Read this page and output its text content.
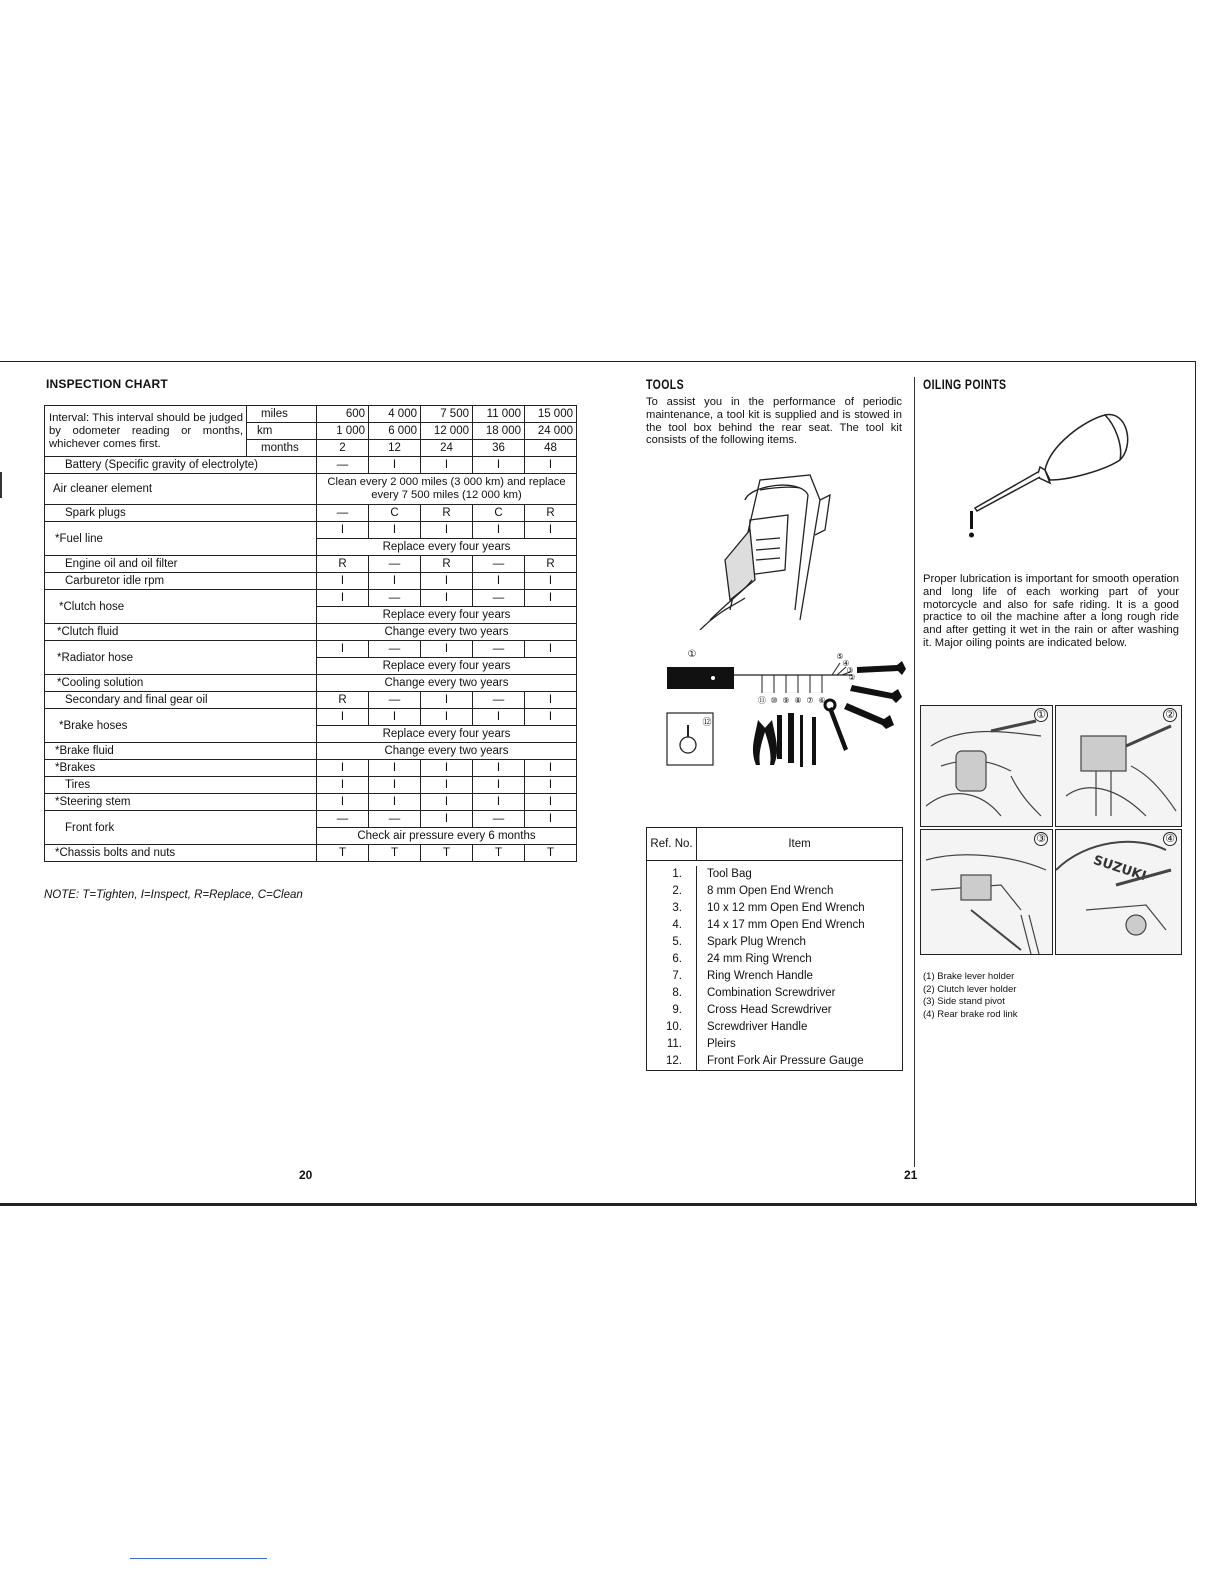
INSPECTION CHART
Interval: This interval should be judged by odometer reading or months, whichever comes first.	miles	600	4 000	7 500	11 000	15 000
	km	1 000	6 000	12 000	18 000	24 000
	months	2	12	24	36	48
Battery (Specific gravity of electrolyte)		—	I	I	I	I
Air cleaner element		Clean every 2 000 miles (3 000 km) and replace every 7 500 miles (12 000 km)				
Spark plugs		—	C	R	C	R
*Fuel line		I	I	I	I	I
		Replace every four years				
Engine oil and oil filter		R	—	R	—	R
Carburetor idle rpm		I	I	I	I	I
*Clutch hose		I	—	I	—	I
		Replace every four years				
*Clutch fluid		Change every two years				
*Radiator hose		I	—	I	—	I
		Replace every four years				
*Cooling solution		Change every two years				
Secondary and final gear oil		R	—	I	—	I
*Brake hoses		I	I	I	I	I
		Replace every four years				
*Brake fluid		Change every two years				
*Brakes		I	I	I	I	I
Tires		I	I	I	I	I
*Steering stem		I	I	I	I	I
Front fork		—	—	I	—	I
		Check air pressure every 6 months				
*Chassis bolts and nuts		T	T	T	T	T
NOTE: T=Tighten, I=Inspect, R=Replace, C=Clean
20
TOOLS

To assist you in the performance of periodic maintenance, a tool kit is supplied and is stowed in the tool box behind the rear seat. The tool kit consists of the following items.

①
⑪ ⑩ ⑨ ⑧ ⑦ ⑥
⑤
④
③
②
⑫
Ref. No.	Item

1.	Tool Bag
2.	8 mm Open End Wrench
3.	10 x 12 mm Open End Wrench
4.	14 x 17 mm Open End Wrench
5.	Spark Plug Wrench
6.	24 mm Ring Wrench
7.	Ring Wrench Handle
8.	Combination Screwdriver
9.	Cross Head Screwdriver
10.	Screwdriver Handle
11.	Pleirs
12.	Front Fork Air Pressure Gauge
OILING POINTS

Proper lubrication is important for smooth operation and long life of each working part of your motorcycle and also for safe riding. It is a good practice to oil the machine after a long rough ride and after getting it wet in the rain or after washing it. Major oiling points are indicated below.

①	②
③
SUZUKI
④
(1) Brake lever holder
(2) Clutch lever holder
(3) Side stand pivot
(4) Rear brake rod link
21
